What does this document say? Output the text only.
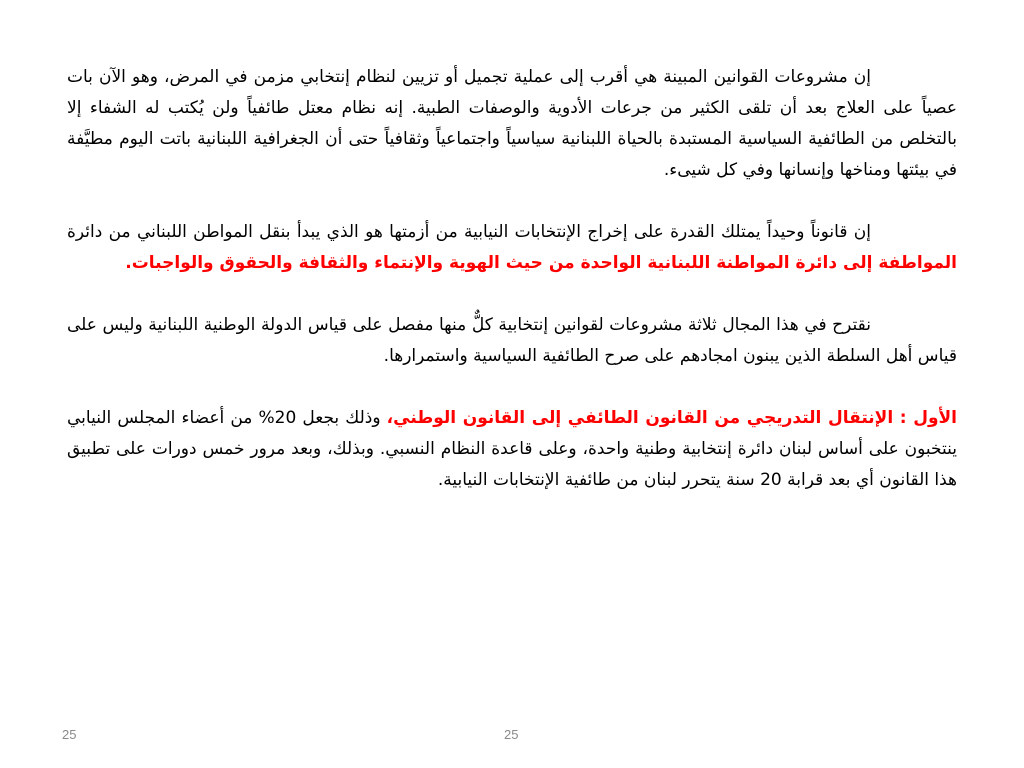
إن مشروعات القوانين المبينة هي أقرب إلى عملية تجميل أو تزيين لنظام إنتخابي مزمن في المرض، وهو الآن بات عصياً على العلاج بعد أن تلقى الكثير من جرعات الأدوية والوصفات الطبية. إنه نظام معتل طائفياً ولن يُكتب له الشفاء إلا بالتخلص من الطائفية السياسية المستبدة بالحياة اللبنانية سياسياً واجتماعياً وثقافياً حتى أن الجغرافية اللبنانية باتت اليوم مطيَّفة في بيئتها ومناخها وإنسانها وفي كل شيىء.

إن قانوناً وحيداً يمتلك القدرة على إخراج الإنتخابات النيابية من أزمتها هو الذي يبدأ بنقل المواطن اللبناني من دائرة المواطفة إلى دائرة المواطنة اللبنانية الواحدة من حيث الهوية والإنتماء والثقافة والحقوق والواجبات.

نقترح في هذا المجال ثلاثة مشروعات لقوانين إنتخابية كلٌّ منها مفصل على قياس الدولة الوطنية اللبنانية وليس على قياس أهل السلطة الذين يبنون امجادهم على صرح الطائفية السياسية واستمرارها.

الأول : الإنتقال التدريجي من القانون الطائفي إلى القانون الوطني، وذلك بجعل 20% من أعضاء المجلس النيابي ينتخبون على أساس لبنان دائرة إنتخابية وطنية واحدة، وعلى قاعدة النظام النسبي. وبذلك، وبعد مرور خمس دورات على تطبيق هذا القانون أي بعد قرابة 20 سنة يتحرر لبنان من طائفية الإنتخابات النيابية.

25	25
